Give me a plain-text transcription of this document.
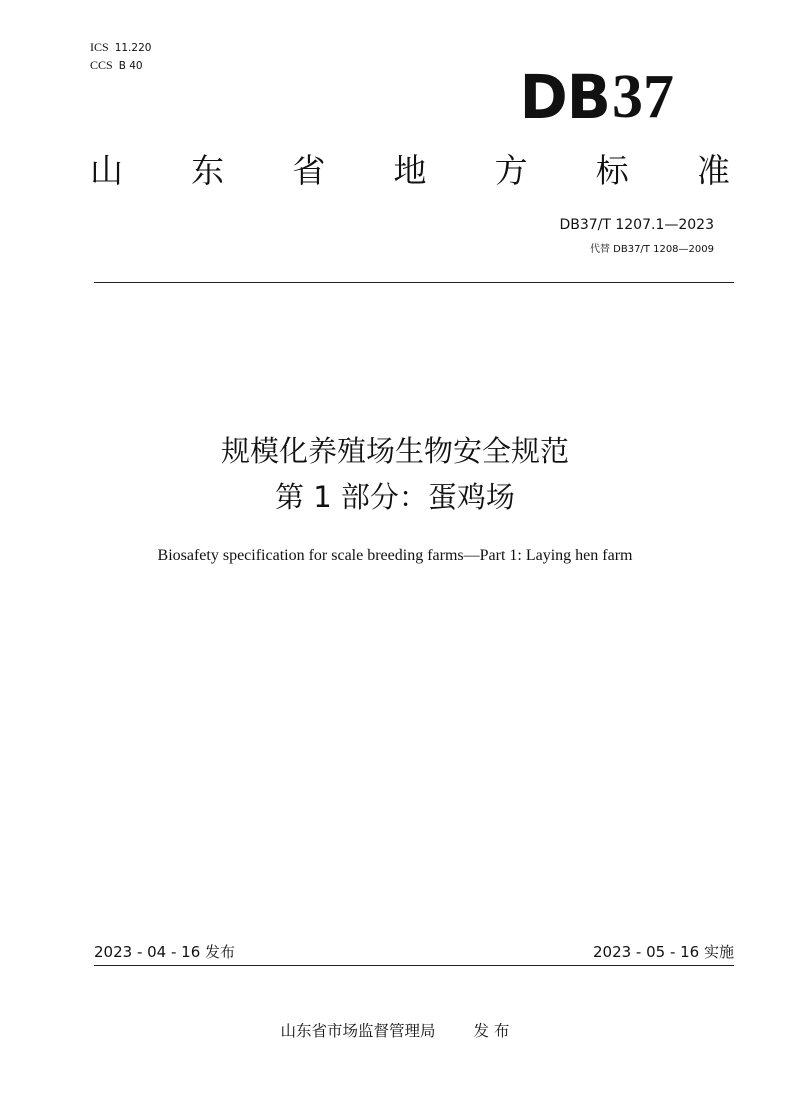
ICS 11.220
CCS B 40	DB 37
山 东 省 地 方 标 准
DB37/T 1207.1—2023
代替 DB37/T 1208—2009
规模化养殖场生物安全规范
第 1 部分：蛋鸡场
Biosafety specification for scale breeding farms—Part 1: Laying hen farm
2023 - 04 - 16 发布	2023 - 05 - 16 实施
山东省市场监督管理局 发 布
